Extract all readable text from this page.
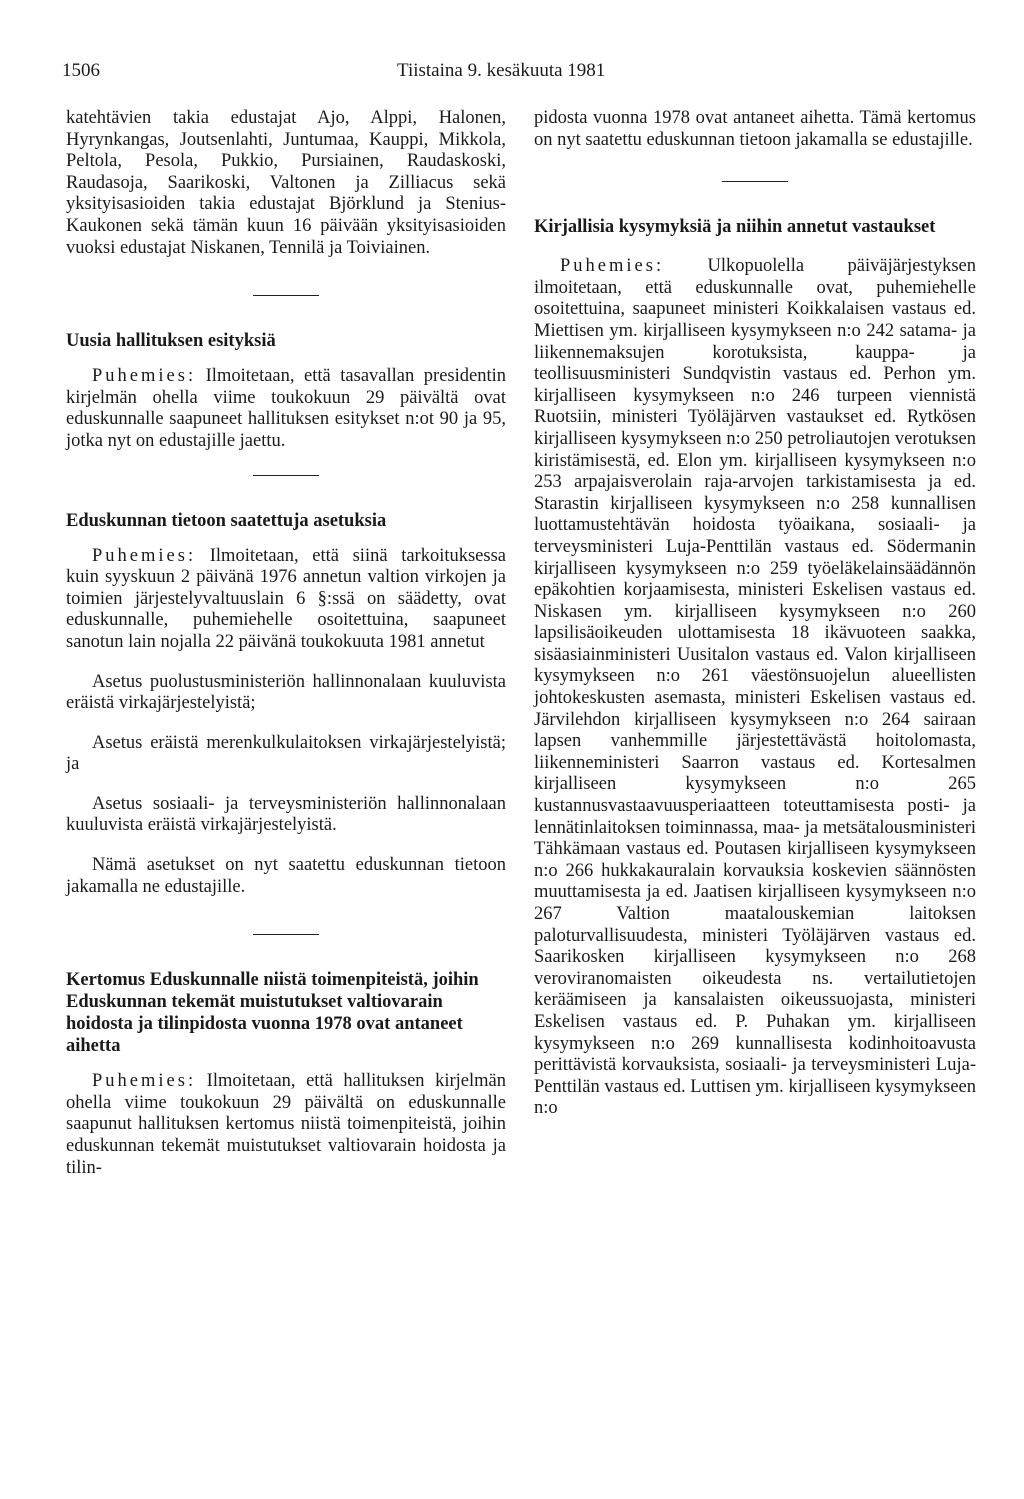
1506	Tiistaina 9. kesäkuuta 1981

katehtävien takia edustajat Ajo, Alppi, Halonen, Hyrynkangas, Joutsenlahti, Juntumaa, Kauppi, Mikkola, Peltola, Pesola, Pukkio, Pursiainen, Raudaskoski, Raudasoja, Saarikoski, Valtonen ja Zilliacus sekä yksityisasioiden takia edustajat Björklund ja Stenius-Kaukonen sekä tämän kuun 16 päivään yksityisasioiden vuoksi edustajat Niskanen, Tennilä ja Toiviainen.

Uusia hallituksen esityksiä

Puhemies: Ilmoitetaan, että tasavallan presidentin kirjelmän ohella viime toukokuun 29 päivältä ovat eduskunnalle saapuneet hallituksen esitykset n:ot 90 ja 95, jotka nyt on edustajille jaettu.

Eduskunnan tietoon saatettuja asetuksia

Puhemies: Ilmoitetaan, että siinä tarkoituksessa kuin syyskuun 2 päivänä 1976 annetun valtion virkojen ja toimien järjestelyvaltuuslain 6 §:ssä on säädetty, ovat eduskunnalle, puhemiehelle osoitettuina, saapuneet sanotun lain nojalla 22 päivänä toukokuuta 1981 annetut

Asetus puolustusministeriön hallinnonalaan kuuluvista eräistä virkajärjestelyistä;

Asetus eräistä merenkulkulaitoksen virkajärjestelyistä; ja

Asetus sosiaali- ja terveysministeriön hallinnonalaan kuuluvista eräistä virkajärjestelyistä.

Nämä asetukset on nyt saatettu eduskunnan tietoon jakamalla ne edustajille.

Kertomus Eduskunnalle niistä toimenpiteistä, joihin Eduskunnan tekemät muistutukset valtiovarain hoidosta ja tilinpidosta vuonna 1978 ovat antaneet aihetta

Puhemies: Ilmoitetaan, että hallituksen kirjelmän ohella viime toukokuun 29 päivältä on eduskunnalle saapunut hallituksen kertomus niistä toimenpiteistä, joihin eduskunnan tekemät muistutukset valtiovarain hoidosta ja tilin-

pidosta vuonna 1978 ovat antaneet aihetta. Tämä kertomus on nyt saatettu eduskunnan tietoon jakamalla se edustajille.

Kirjallisia kysymyksiä ja niihin annetut vastaukset

Puhemies: Ulkopuolella päiväjärjestyksen ilmoitetaan, että eduskunnalle ovat, puhemiehelle osoitettuina, saapuneet ministeri Koikkalaisen vastaus ed. Miettisen ym. kirjalliseen kysymykseen n:o 242 satama- ja liikennemaksujen korotuksista, kauppa- ja teollisuusministeri Sundqvistin vastaus ed. Perhon ym. kirjalliseen kysymykseen n:o 246 turpeen viennistä Ruotsiin, ministeri Työläjärven vastaukset ed. Rytkösen kirjalliseen kysymykseen n:o 250 petroliautojen verotuksen kiristämisestä, ed. Elon ym. kirjalliseen kysymykseen n:o 253 arpajaisverolain raja-arvojen tarkistamisesta ja ed. Starastin kirjalliseen kysymykseen n:o 258 kunnallisen luottamustehtävän hoidosta työaikana, sosiaali- ja terveysministeri Luja-Penttilän vastaus ed. Södermanin kirjalliseen kysymykseen n:o 259 työeläkelainsäädännön epäkohtien korjaamisesta, ministeri Eskelisen vastaus ed. Niskasen ym. kirjalliseen kysymykseen n:o 260 lapsilisäoikeuden ulottamisesta 18 ikävuoteen saakka, sisäasiainministeri Uusitalon vastaus ed. Valon kirjalliseen kysymykseen n:o 261 väestönsuojelun alueellisten johtokeskusten asemasta, ministeri Eskelisen vastaus ed. Järvilehdon kirjalliseen kysymykseen n:o 264 sairaan lapsen vanhemmille järjestettävästä hoitolomasta, liikenneministeri Saarron vastaus ed. Kortesalmen kirjalliseen kysymykseen n:o 265 kustannusvastaavuusperiaatteen toteuttamisesta posti- ja lennätinlaitoksen toiminnassa, maa- ja metsätalousministeri Tähkämaan vastaus ed. Poutasen kirjalliseen kysymykseen n:o 266 hukkakauralain korvauksia koskevien säännösten muuttamisesta ja ed. Jaatisen kirjalliseen kysymykseen n:o 267 Valtion maatalouskemian laitoksen paloturvallisuudesta, ministeri Työläjärven vastaus ed. Saarikosken kirjalliseen kysymykseen n:o 268 veroviranomaisten oikeudesta ns. vertailutietojen keräämiseen ja kansalaisten oikeussuojasta, ministeri Eskelisen vastaus ed. P. Puhakan ym. kirjalliseen kysymykseen n:o 269 kunnallisesta kodinhoitoavusta perittävistä korvauksista, sosiaali- ja terveysministeri Luja-Penttilän vastaus ed. Luttisen ym. kirjalliseen kysymykseen n:o
